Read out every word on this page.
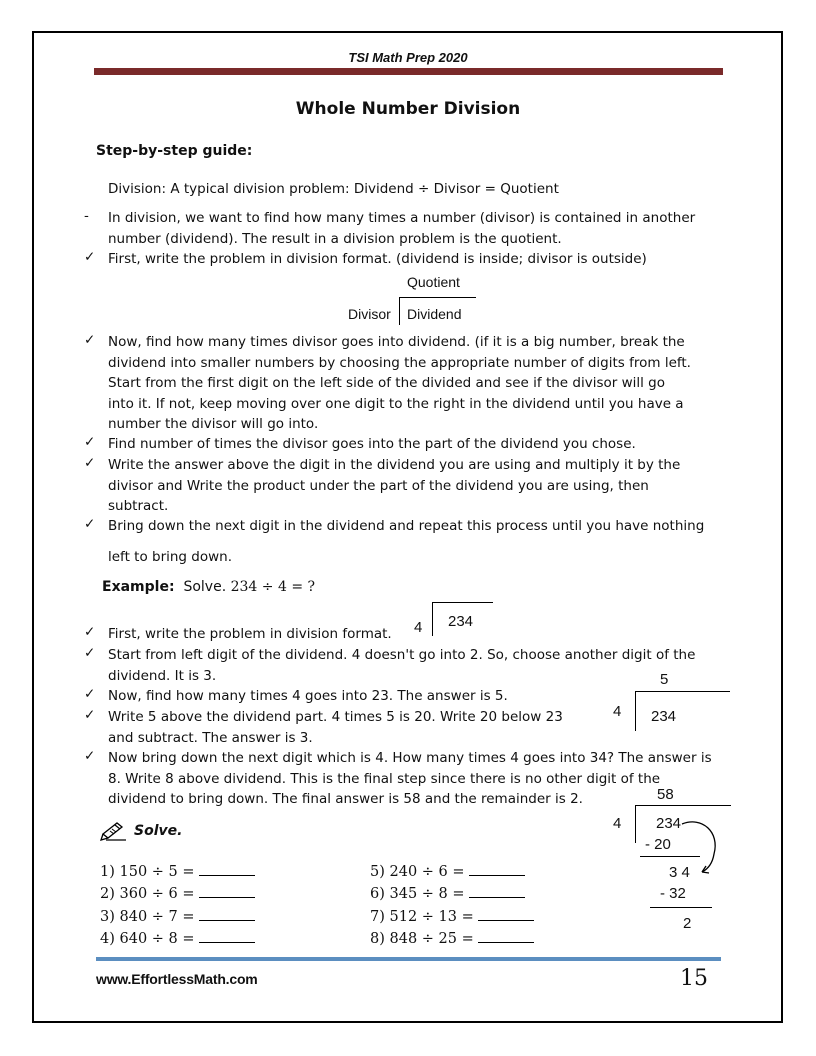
TSI Math Prep 2020
Whole Number Division
Step-by-step guide:
Division: A typical division problem: Dividend ÷ Divisor = Quotient
- In division, we want to find how many times a number (divisor) is contained in another
number (dividend). The result in a division problem is the quotient.
✓ First, write the problem in division format. (dividend is inside; divisor is outside)
✓ Now, find how many times divisor goes into dividend. (if it is a big number, break the
dividend into smaller numbers by choosing the appropriate number of digits from left.
Start from the first digit on the left side of the divided and see if the divisor will go
into it. If not, keep moving over one digit to the right in the dividend until you have a
number the divisor will go into.
✓ Find number of times the divisor goes into the part of the dividend you chose.
✓ Write the answer above the digit in the dividend you are using and multiply it by the
divisor and Write the product under the part of the dividend you are using, then
subtract.
✓ Bring down the next digit in the dividend and repeat this process until you have nothing
left to bring down.
Quotient
Divisor Dividend
Example: Solve. 234 ÷ 4 = ?
✓ First, write the problem in division format.
✓ Start from left digit of the dividend. 4 doesn't go into 2. So, choose another digit of the
dividend. It is 3.
✓ Now, find how many times 4 goes into 23. The answer is 5.
✓ Write 5 above the dividend part. 4 times 5 is 20. Write 20 below 23
and subtract. The answer is 3.
✓ Now bring down the next digit which is 4. How many times 4 goes into 34? The answer is
8. Write 8 above dividend. This is the final step since there is no other digit of the
dividend to bring down. The final answer is 58 and the remainder is 2.
4 234
5
4 234
58
4 234
- 20
3 4
- 32
2
Solve.
1) 150 ÷ 5 =
2) 360 ÷ 6 =
3) 840 ÷ 7 =
4) 640 ÷ 8 =
5) 240 ÷ 6 =
6) 345 ÷ 8 =
7) 512 ÷ 13 =
8) 848 ÷ 25 =
www.EffortlessMath.com	15
